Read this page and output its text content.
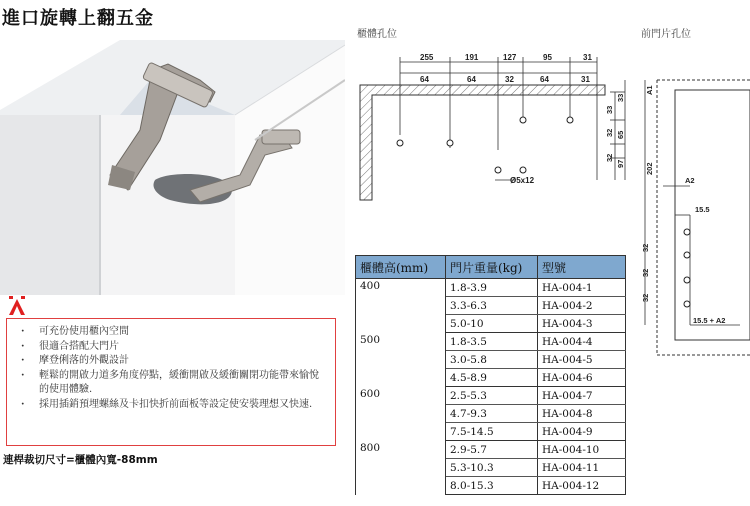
進口旋轉上翻五金
· 可充份使用櫃內空間
· 很適合搭配大門片
· 摩登俐落的外觀設計
· 輕鬆的開啟力道多角度停點，緩衝開啟及緩衝關閉功能帶來愉悅的使用體驗.
· 採用插銷預埋螺絲及卡扣快折前面板等設定使安裝理想又快速.
連桿裁切尺寸=櫃體內寬-88mm
櫃體孔位	前門片孔位
255	191	127	95	31
64	64	32	64	31
33
33
32 65
32
97
Ø5x12
A1
202
A2
15.5
32
32
32
15.5 + A2
櫃體高(mm)	門片重量(kg)	型號
400	1.8-3.9	HA-004-1
	3.3-6.3	HA-004-2
	5.0-10	HA-004-3
500	1.8-3.5	HA-004-4
	3.0-5.8	HA-004-5
	4.5-8.9	HA-004-6
600	2.5-5.3	HA-004-7
	4.7-9.3	HA-004-8
	7.5-14.5	HA-004-9
800	2.9-5.7	HA-004-10
	5.3-10.3	HA-004-11
	8.0-15.3	HA-004-12
